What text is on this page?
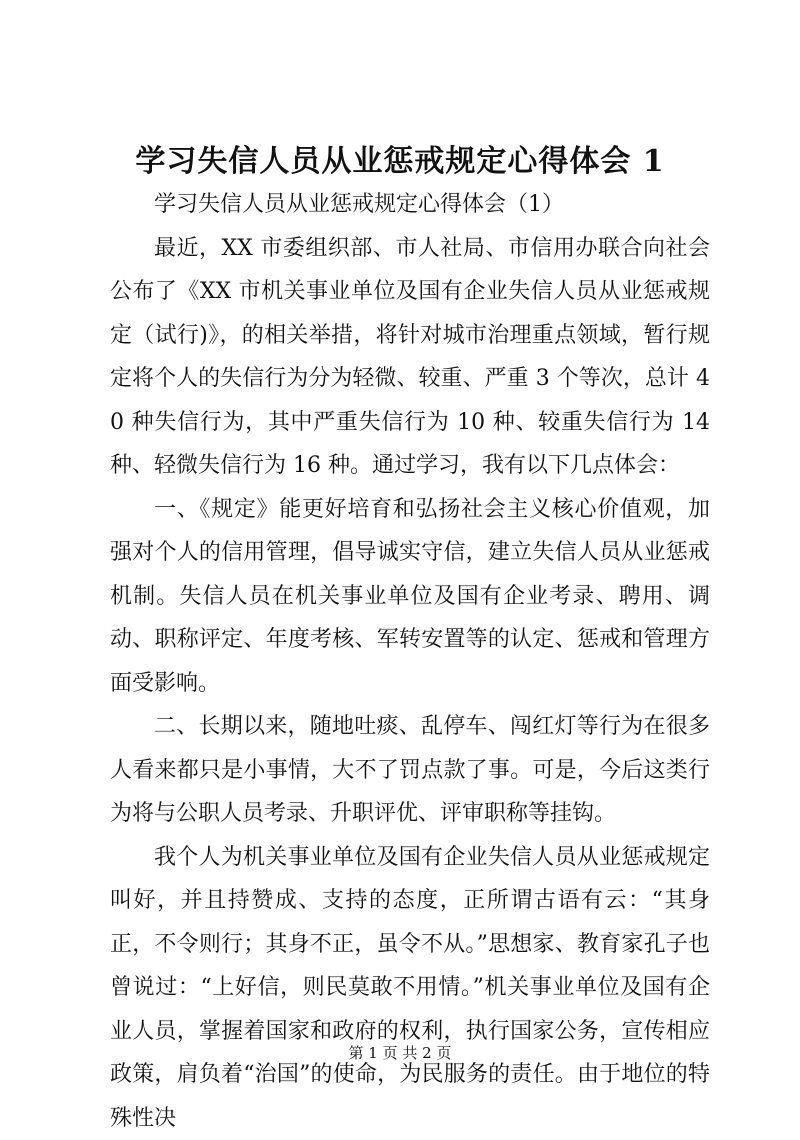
学习失信人员从业惩戒规定心得体会 1

学习失信人员从业惩戒规定心得体会（1）

最近，XX 市委组织部、市人社局、市信用办联合向社会公布了《XX 市机关事业单位及国有企业失信人员从业惩戒规定（试行)》，的相关举措，将针对城市治理重点领域，暂行规定将个人的失信行为分为轻微、较重、严重 3 个等次，总计 40 种失信行为，其中严重失信行为 10 种、较重失信行为 14 种、轻微失信行为 16 种。通过学习，我有以下几点体会：

一、《规定》能更好培育和弘扬社会主义核心价值观，加强对个人的信用管理，倡导诚实守信，建立失信人员从业惩戒机制。失信人员在机关事业单位及国有企业考录、聘用、调动、职称评定、年度考核、军转安置等的认定、惩戒和管理方面受影响。

二、长期以来，随地吐痰、乱停车、闯红灯等行为在很多人看来都只是小事情，大不了罚点款了事。可是，今后这类行为将与公职人员考录、升职评优、评审职称等挂钩。

我个人为机关事业单位及国有企业失信人员从业惩戒规定叫好，并且持赞成、支持的态度，正所谓古语有云：“其身正，不令则行；其身不正，虽令不从。”思想家、教育家孔子也曾说过：“上好信，则民莫敢不用情。”机关事业单位及国有企业人员，掌握着国家和政府的权利，执行国家公务，宣传相应政策，肩负着“治国”的使命，为民服务的责任。由于地位的特殊性决

第 1 页 共 2 页
